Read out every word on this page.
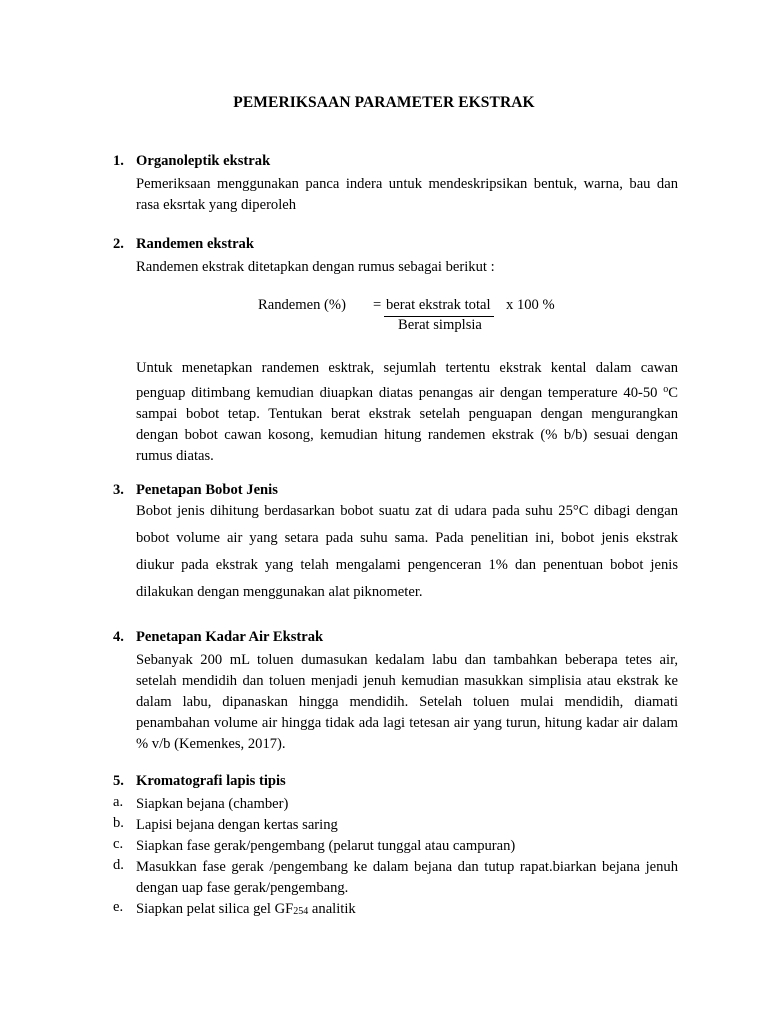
PEMERIKSAAN PARAMETER EKSTRAK
1. Organoleptik ekstrak
Pemeriksaan menggunakan panca indera untuk mendeskripsikan bentuk, warna, bau dan
rasa eksrtak yang diperoleh
2. Randemen ekstrak
Randemen ekstrak ditetapkan dengan rumus sebagai berikut :
Untuk menetapkan randemen esktrak, sejumlah tertentu ekstrak kental dalam cawan
penguap ditimbang kemudian diuapkan diatas penangas air dengan temperature 40-50 $^o$C
sampai bobot tetap. Tentukan berat ekstrak setelah penguapan dengan mengurangkan
dengan bobot cawan kosong, kemudian hitung randemen ekstrak (% b/b) sesuai dengan
rumus diatas.
Randemen (%) = berat ekstrak total x 100 %
Berat simplsia
3. Penetapan Bobot Jenis
Bobot jenis dihitung berdasarkan bobot suatu zat di udara pada suhu 25°C dibagi dengan
bobot volume air yang setara pada suhu sama. Pada penelitian ini, bobot jenis ekstrak
diukur pada ekstrak yang telah mengalami pengenceran 1% dan penentuan bobot jenis
dilakukan dengan menggunakan alat piknometer.
4. Penetapan Kadar Air Ekstrak
Sebanyak 200 mL toluen dumasukan kedalam labu dan tambahkan beberapa tetes air,
setelah mendidih dan toluen menjadi jenuh kemudian masukkan simplisia atau ekstrak ke
dalam labu, dipanaskan hingga mendidih. Setelah toluen mulai mendidih, diamati
penambahan volume air hingga tidak ada lagi tetesan air yang turun, hitung kadar air dalam
% v/b (Kemenkes, 2017).
5. Kromatografi lapis tipis
a. Siapkan bejana (chamber)
b. Lapisi bejana dengan kertas saring
c. Siapkan fase gerak/pengembang (pelarut tunggal atau campuran)
d. Masukkan fase gerak /pengembang ke dalam bejana dan tutup rapat.biarkan bejana jenuh
dengan uap fase gerak/pengembang.
e. Siapkan pelat silica gel $GF_{254}$ analitik
